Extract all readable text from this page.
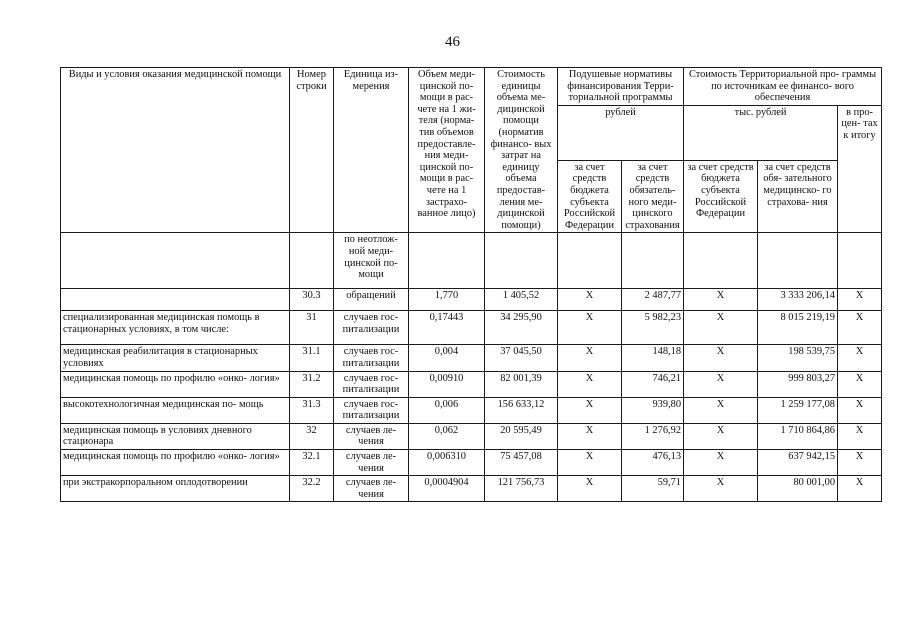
46
Виды и условия оказания медицинской помощи	Номер строки	Единица из- мерения	Объем меди- цинской по- мощи в рас- чете на 1 жи- теля (норма- тив объемов предоставле- ния меди- цинской по- мощи в рас- чете на 1 застрахо- ванное лицо)	Стоимость единицы объема ме- дицинской помощи (норматив финансо- вых затрат на единицу объема предостав- ления ме- дицинской помощи)	Подушевые нормативы финансирования Терри- ториальной программы		Стоимость Территориальной про- граммы по источникам ее финансо- вого обеспечения		
					рублей		тыс. рублей		в про- цен- тах к итогу
					за счет средств бюджета субъекта Российской Федерации	за счет средств обязатель- ного меди- цинского страхования	за счет средств бюджета субъекта Российской Федерации	за счет средств обя- зательного медицинско- го страхова- ния	
		по неотлож- ной меди- цинской по- мощи							
	30.3	обращений	1,770	1 405,52	X	2 487,77	X	3 333 206,14	X
специализированная медицинская помощь в стационарных условиях, в том числе:	31	случаев гос- питализации	0,17443	34 295,90	X	5 982,23	X	8 015 219,19	X
медицинская реабилитация в стационарных условиях	31.1	случаев гос- питализации	0,004	37 045,50	X	148,18	X	198 539,75	X
медицинская помощь по профилю «онко- логия»	31.2	случаев гос- питализации	0,00910	82 001,39	X	746,21	X	999 803,27	X
высокотехнологичная медицинская по- мощь	31.3	случаев гос- питализации	0,006	156 633,12	X	939,80	X	1 259 177,08	X
медицинская помощь в условиях дневного стационара	32	случаев ле- чения	0,062	20 595,49	X	1 276,92	X	1 710 864,86	X
медицинская помощь по профилю «онко- логия»	32.1	случаев ле- чения	0,006310	75 457,08	X	476,13	X	637 942,15	X
при экстракорпоральном оплодотворении	32.2	случаев ле- чения	0,0004904	121 756,73	X	59,71	X	80 001,00	X
